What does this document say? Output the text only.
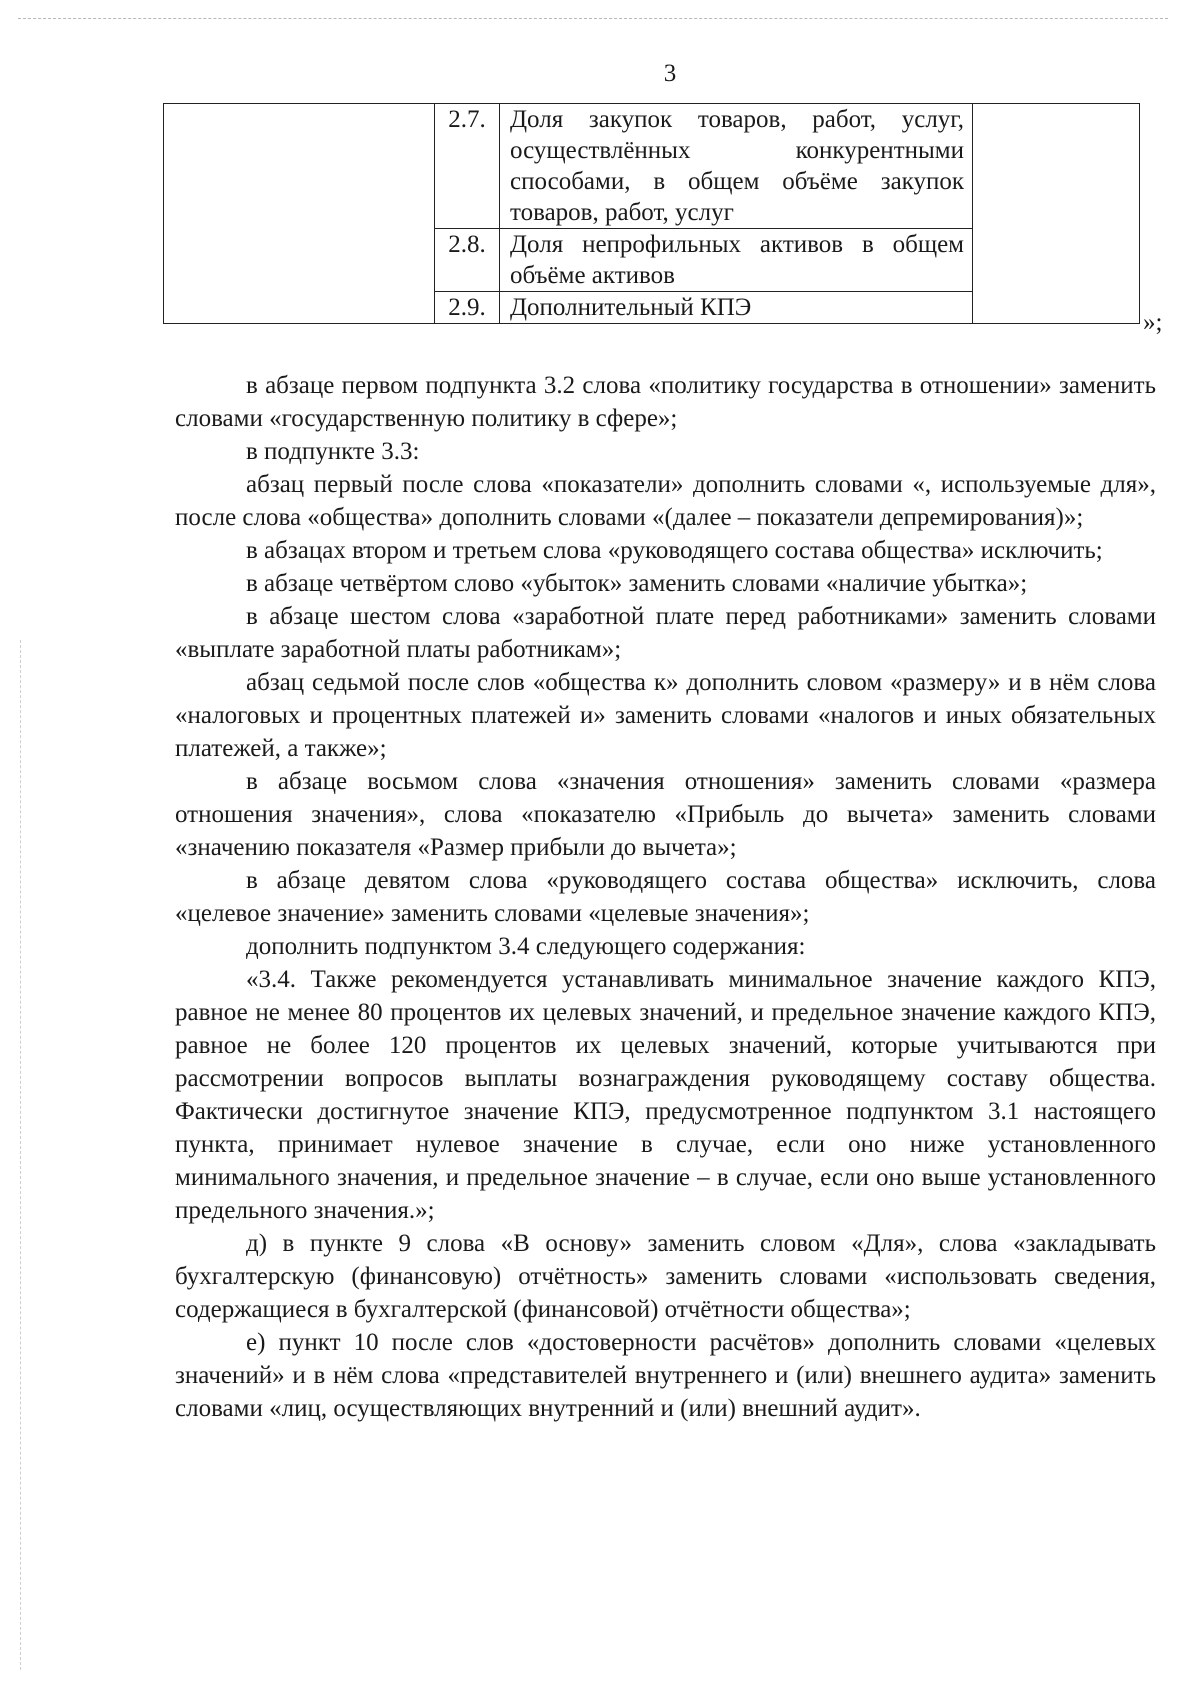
3
	2.7.	Доля закупок товаров, работ, услуг, осуществлённых конкурентными способами, в общем объёме закупок товаров, работ, услуг	
	2.8.	Доля непрофильных активов в общем объёме активов	
	2.9.	Дополнительный КПЭ	
»;

в абзаце первом подпункта 3.2 слова «политику государства в отношении» заменить словами «государственную политику в сфере»;

в подпункте 3.3:

абзац первый после слова «показатели» дополнить словами «, используемые для», после слова «общества» дополнить словами «(далее – показатели депремирования)»;

в абзацах втором и третьем слова «руководящего состава общества» исключить;

в абзаце четвёртом слово «убыток» заменить словами «наличие убытка»;

в абзаце шестом слова «заработной плате перед работниками» заменить словами «выплате заработной платы работникам»;

абзац седьмой после слов «общества к» дополнить словом «размеру» и в нём слова «налоговых и процентных платежей и» заменить словами «налогов и иных обязательных платежей, а также»;

в абзаце восьмом слова «значения отношения» заменить словами «размера отношения значения», слова «показателю «Прибыль до вычета» заменить словами «значению показателя «Размер прибыли до вычета»;

в абзаце девятом слова «руководящего состава общества» исключить, слова «целевое значение» заменить словами «целевые значения»;

дополнить подпунктом 3.4 следующего содержания:

«3.4. Также рекомендуется устанавливать минимальное значение каждого КПЭ, равное не менее 80 процентов их целевых значений, и предельное значение каждого КПЭ, равное не более 120 процентов их целевых значений, которые учитываются при рассмотрении вопросов выплаты вознаграждения руководящему составу общества. Фактически достигнутое значение КПЭ, предусмотренное подпунктом 3.1 настоящего пункта, принимает нулевое значение в случае, если оно ниже установленного минимального значения, и предельное значение – в случае, если оно выше установленного предельного значения.»;

д) в пункте 9 слова «В основу» заменить словом «Для», слова «закладывать бухгалтерскую (финансовую) отчётность» заменить словами «использовать сведения, содержащиеся в бухгалтерской (финансовой) отчётности общества»;

е) пункт 10 после слов «достоверности расчётов» дополнить словами «целевых значений» и в нём слова «представителей внутреннего и (или) внешнего аудита» заменить словами «лиц, осуществляющих внутренний и (или) внешний аудит».
